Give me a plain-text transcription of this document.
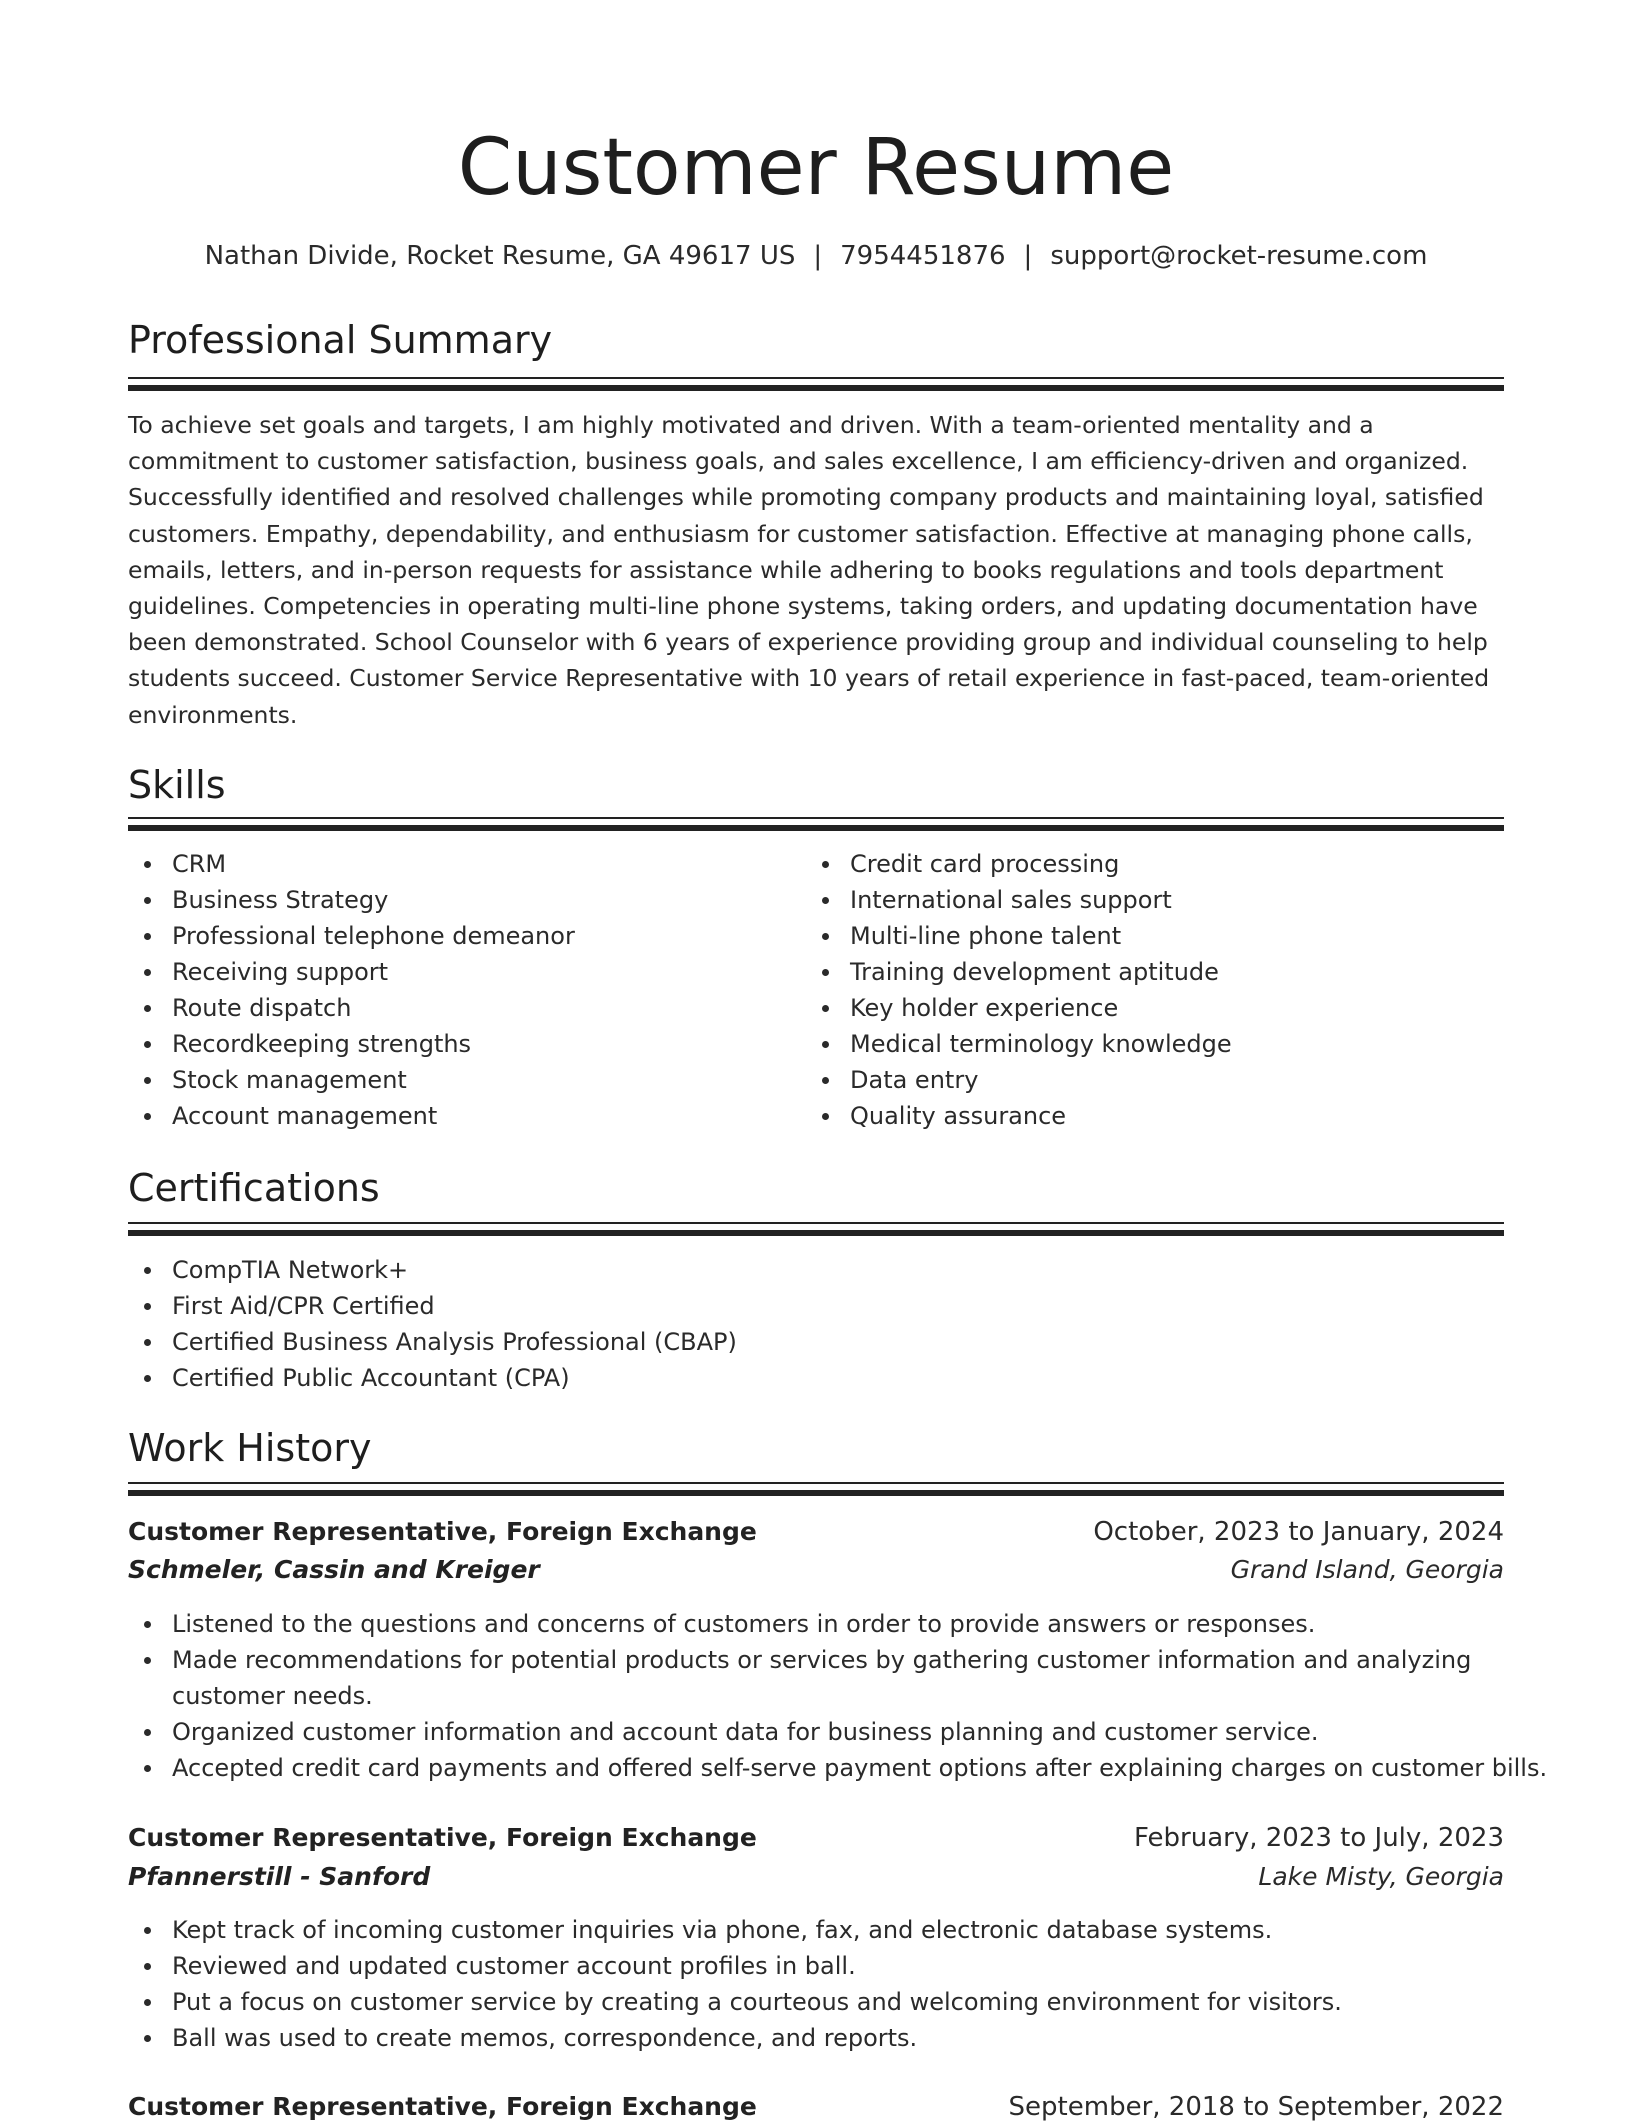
Customer Resume
Nathan Divide, Rocket Resume, GA 49617 US | 7954451876 | support@rocket-resume.com
Professional Summary

To achieve set goals and targets, I am highly motivated and driven. With a team-oriented mentality and a commitment to customer satisfaction, business goals, and sales excellence, I am efficiency-driven and organized. Successfully identified and resolved challenges while promoting company products and maintaining loyal, satisfied customers. Empathy, dependability, and enthusiasm for customer satisfaction. Effective at managing phone calls, emails, letters, and in-person requests for assistance while adhering to books regulations and tools department guidelines. Competencies in operating multi-line phone systems, taking orders, and updating documentation have been demonstrated. School Counselor with 6 years of experience providing group and individual counseling to help students succeed. Customer Service Representative with 10 years of retail experience in fast-paced, team-oriented environments.

Skills
CRM
Business Strategy
Professional telephone demeanor
Receiving support
Route dispatch
Recordkeeping strengths
Stock management
Account management
Credit card processing
International sales support
Multi-line phone talent
Training development aptitude
Key holder experience
Medical terminology knowledge
Data entry
Quality assurance
Certifications
CompTIA Network+
First Aid/CPR Certified
Certified Business Analysis Professional (CBAP)
Certified Public Accountant (CPA)
Work History
Customer Representative, Foreign Exchange	October, 2023 to January, 2024
Schmeler, Cassin and Kreiger	Grand Island, Georgia
Listened to the questions and concerns of customers in order to provide answers or responses.
Made recommendations for potential products or services by gathering customer information and analyzing customer needs.
Organized customer information and account data for business planning and customer service.
Accepted credit card payments and offered self-serve payment options after explaining charges on customer bills.
Customer Representative, Foreign Exchange	February, 2023 to July, 2023
Pfannerstill - Sanford	Lake Misty, Georgia
Kept track of incoming customer inquiries via phone, fax, and electronic database systems.
Reviewed and updated customer account profiles in ball.
Put a focus on customer service by creating a courteous and welcoming environment for visitors.
Ball was used to create memos, correspondence, and reports.
Customer Representative, Foreign Exchange	September, 2018 to September, 2022
